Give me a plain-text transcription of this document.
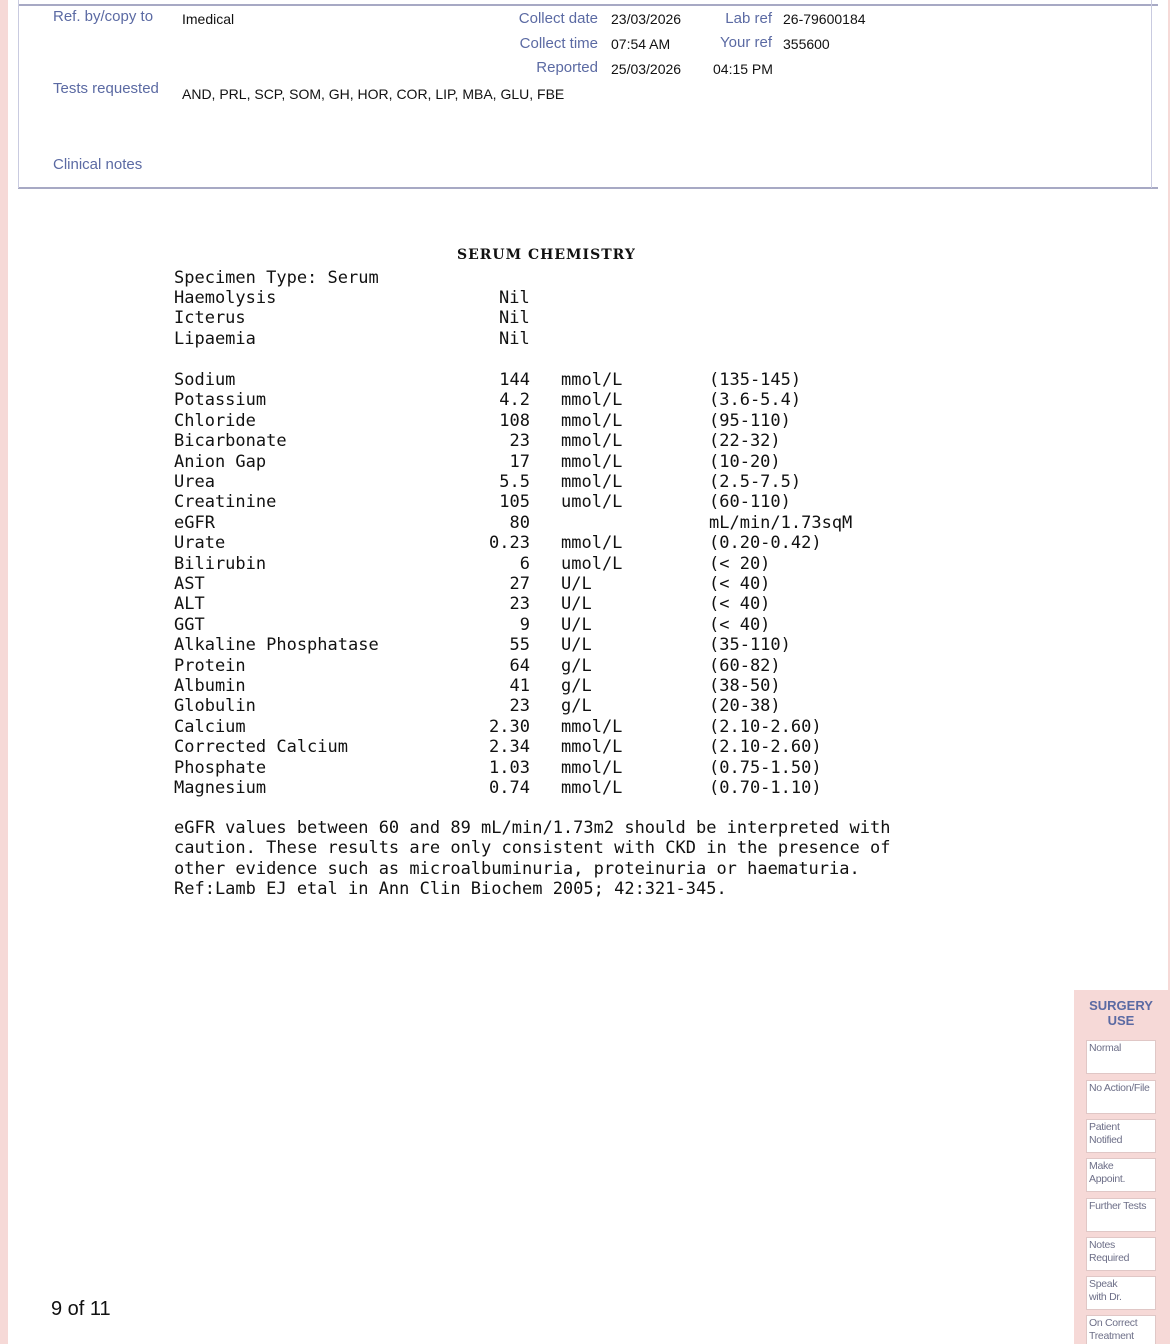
Ref. by/copy to Imedical
Tests requested AND, PRL, SCP, SOM, GH, HOR, COR, LIP, MBA, GLU, FBE
Clinical notes
Collect date 23/03/2026
Collect time 07:54 AM
Reported 25/03/2026 04:15 PM
Lab ref 26-79600184
Your ref 355600
SERUM CHEMISTRY
Specimen Type: Serum
Haemolysis	Nil
Icterus	Nil
Lipaemia	Nil
Sodium	144 mmol/L	(135-145)
Potassium	4.2 mmol/L	(3.6-5.4)
Chloride	108 mmol/L	(95-110)
Bicarbonate	23 mmol/L	(22-32)
Anion Gap	17 mmol/L	(10-20)
Urea	5.5 mmol/L	(2.5-7.5)
Creatinine	105 umol/L	(60-110)
eGFR	80	mL/min/1.73sqM
Urate	0.23 mmol/L	(0.20-0.42)
Bilirubin	6 umol/L	(< 20)
AST	27 U/L	(< 40)
ALT	23 U/L	(< 40)
GGT	9 U/L	(< 40)
Alkaline Phosphatase	55 U/L	(35-110)
Protein	64 g/L	(60-82)
Albumin	41 g/L	(38-50)
Globulin	23 g/L	(20-38)
Calcium	2.30 mmol/L	(2.10-2.60)
Corrected Calcium	2.34 mmol/L	(2.10-2.60)
Phosphate	1.03 mmol/L	(0.75-1.50)
Magnesium	0.74 mmol/L	(0.70-1.10)
eGFR values between 60 and 89 mL/min/1.73m2 should be interpreted with
caution. These results are only consistent with CKD in the presence of
other evidence such as microalbuminuria, proteinuria or haematuria.
Ref:Lamb EJ etal in Ann Clin Biochem 2005; 42:321-345.
9 of 11
SURGERY
USE
Normal
No Action/File
Patient
Notified
Make
Appoint.
Further Tests
Notes
Required
Speak
with Dr.
On Correct
Treatment
